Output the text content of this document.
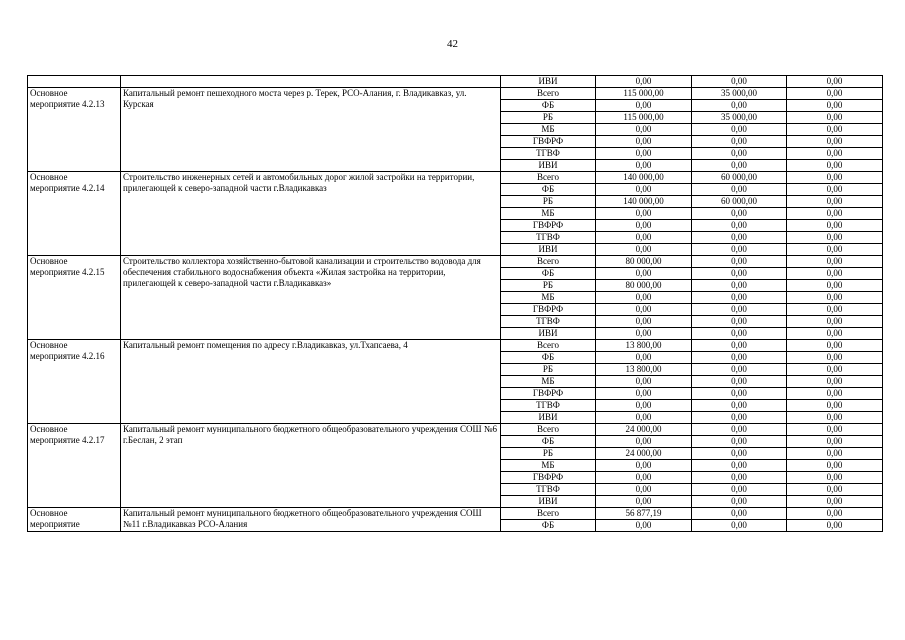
42
		ИВИ	0,00	0,00	0,00
Основное мероприятие 4.2.13	Капитальный ремонт пешеходного моста через р. Терек, РСО-Алания, г. Владикавказ, ул. Курская	Всего	115 000,00	35 000,00	0,00
		ФБ	0,00	0,00	0,00
		РБ	115 000,00	35 000,00	0,00
		МБ	0,00	0,00	0,00
		ГВФРФ	0,00	0,00	0,00
		ТГВФ	0,00	0,00	0,00
		ИВИ	0,00	0,00	0,00
Основное мероприятие 4.2.14	Строительство инженерных сетей и автомобильных дорог жилой застройки на территории, прилегающей к северо-западной части г.Владикавказ	Всего	140 000,00	60 000,00	0,00
		ФБ	0,00	0,00	0,00
		РБ	140 000,00	60 000,00	0,00
		МБ	0,00	0,00	0,00
		ГВФРФ	0,00	0,00	0,00
		ТГВФ	0,00	0,00	0,00
		ИВИ	0,00	0,00	0,00
Основное мероприятие 4.2.15	Строительство коллектора хозяйственно-бытовой канализации и строительство водовода для обеспечения стабильного водоснабжения объекта «Жилая застройка на территории, прилегающей к северо-западной части г.Владикавказ»	Всего	80 000,00	0,00	0,00
		ФБ	0,00	0,00	0,00
		РБ	80 000,00	0,00	0,00
		МБ	0,00	0,00	0,00
		ГВФРФ	0,00	0,00	0,00
		ТГВФ	0,00	0,00	0,00
		ИВИ	0,00	0,00	0,00
Основное мероприятие 4.2.16	Капитальный ремонт помещения по адресу г.Владикавказ, ул.Тхапсаева, 4	Всего	13 800,00	0,00	0,00
		ФБ	0,00	0,00	0,00
		РБ	13 800,00	0,00	0,00
		МБ	0,00	0,00	0,00
		ГВФРФ	0,00	0,00	0,00
		ТГВФ	0,00	0,00	0,00
		ИВИ	0,00	0,00	0,00
Основное мероприятие 4.2.17	Капитальный ремонт муниципального бюджетного общеобразовательного учреждения СОШ №6 г.Беслан, 2 этап	Всего	24 000,00	0,00	0,00
		ФБ	0,00	0,00	0,00
		РБ	24 000,00	0,00	0,00
		МБ	0,00	0,00	0,00
		ГВФРФ	0,00	0,00	0,00
		ТГВФ	0,00	0,00	0,00
		ИВИ	0,00	0,00	0,00
Основное мероприятие	Капитальный ремонт муниципального бюджетного общеобразовательного учреждения СОШ №11 г.Владикавказ РСО-Алания	Всего	56 877,19	0,00	0,00
		ФБ	0,00	0,00	0,00
